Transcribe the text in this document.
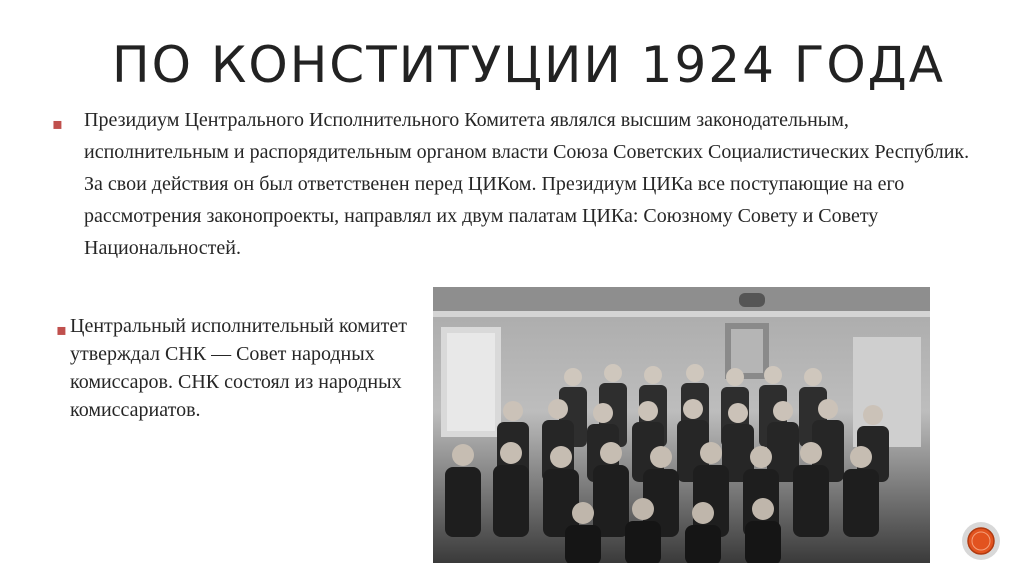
ПО КОНСТИТУЦИИ 1924 ГОДА
▪ Президиум Центрального Исполнительного Комитета являлся высшим законодательным, исполнительным и распорядительным органом власти Союза Советских Социалистических Республик. За свои действия он был ответственен перед ЦИКом. Президиум ЦИКа все поступающие на его рассмотрения законопроекты, направлял их двум палатам ЦИКа: Союзному Совету и Совету Национальностей.
▪ Центральный исполнительный комитет утверждал СНК — Совет народных комиссаров. СНК состоял из народных комиссариатов.
